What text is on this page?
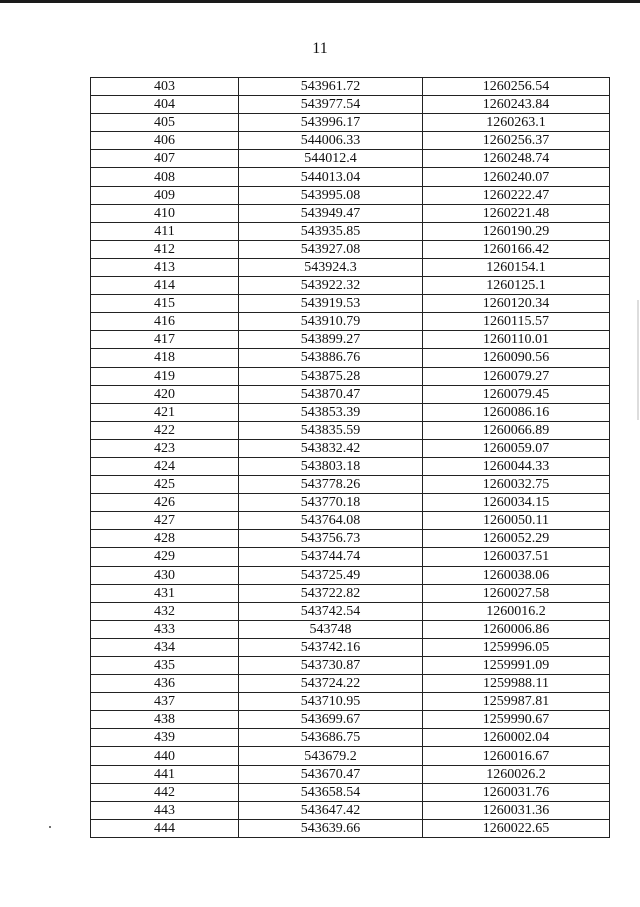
11
403	543961.72	1260256.54
404	543977.54	1260243.84
405	543996.17	1260263.1
406	544006.33	1260256.37
407	544012.4	1260248.74
408	544013.04	1260240.07
409	543995.08	1260222.47
410	543949.47	1260221.48
411	543935.85	1260190.29
412	543927.08	1260166.42
413	543924.3	1260154.1
414	543922.32	1260125.1
415	543919.53	1260120.34
416	543910.79	1260115.57
417	543899.27	1260110.01
418	543886.76	1260090.56
419	543875.28	1260079.27
420	543870.47	1260079.45
421	543853.39	1260086.16
422	543835.59	1260066.89
423	543832.42	1260059.07
424	543803.18	1260044.33
425	543778.26	1260032.75
426	543770.18	1260034.15
427	543764.08	1260050.11
428	543756.73	1260052.29
429	543744.74	1260037.51
430	543725.49	1260038.06
431	543722.82	1260027.58
432	543742.54	1260016.2
433	543748	1260006.86
434	543742.16	1259996.05
435	543730.87	1259991.09
436	543724.22	1259988.11
437	543710.95	1259987.81
438	543699.67	1259990.67
439	543686.75	1260002.04
440	543679.2	1260016.67
441	543670.47	1260026.2
442	543658.54	1260031.76
443	543647.42	1260031.36
444	543639.66	1260022.65
